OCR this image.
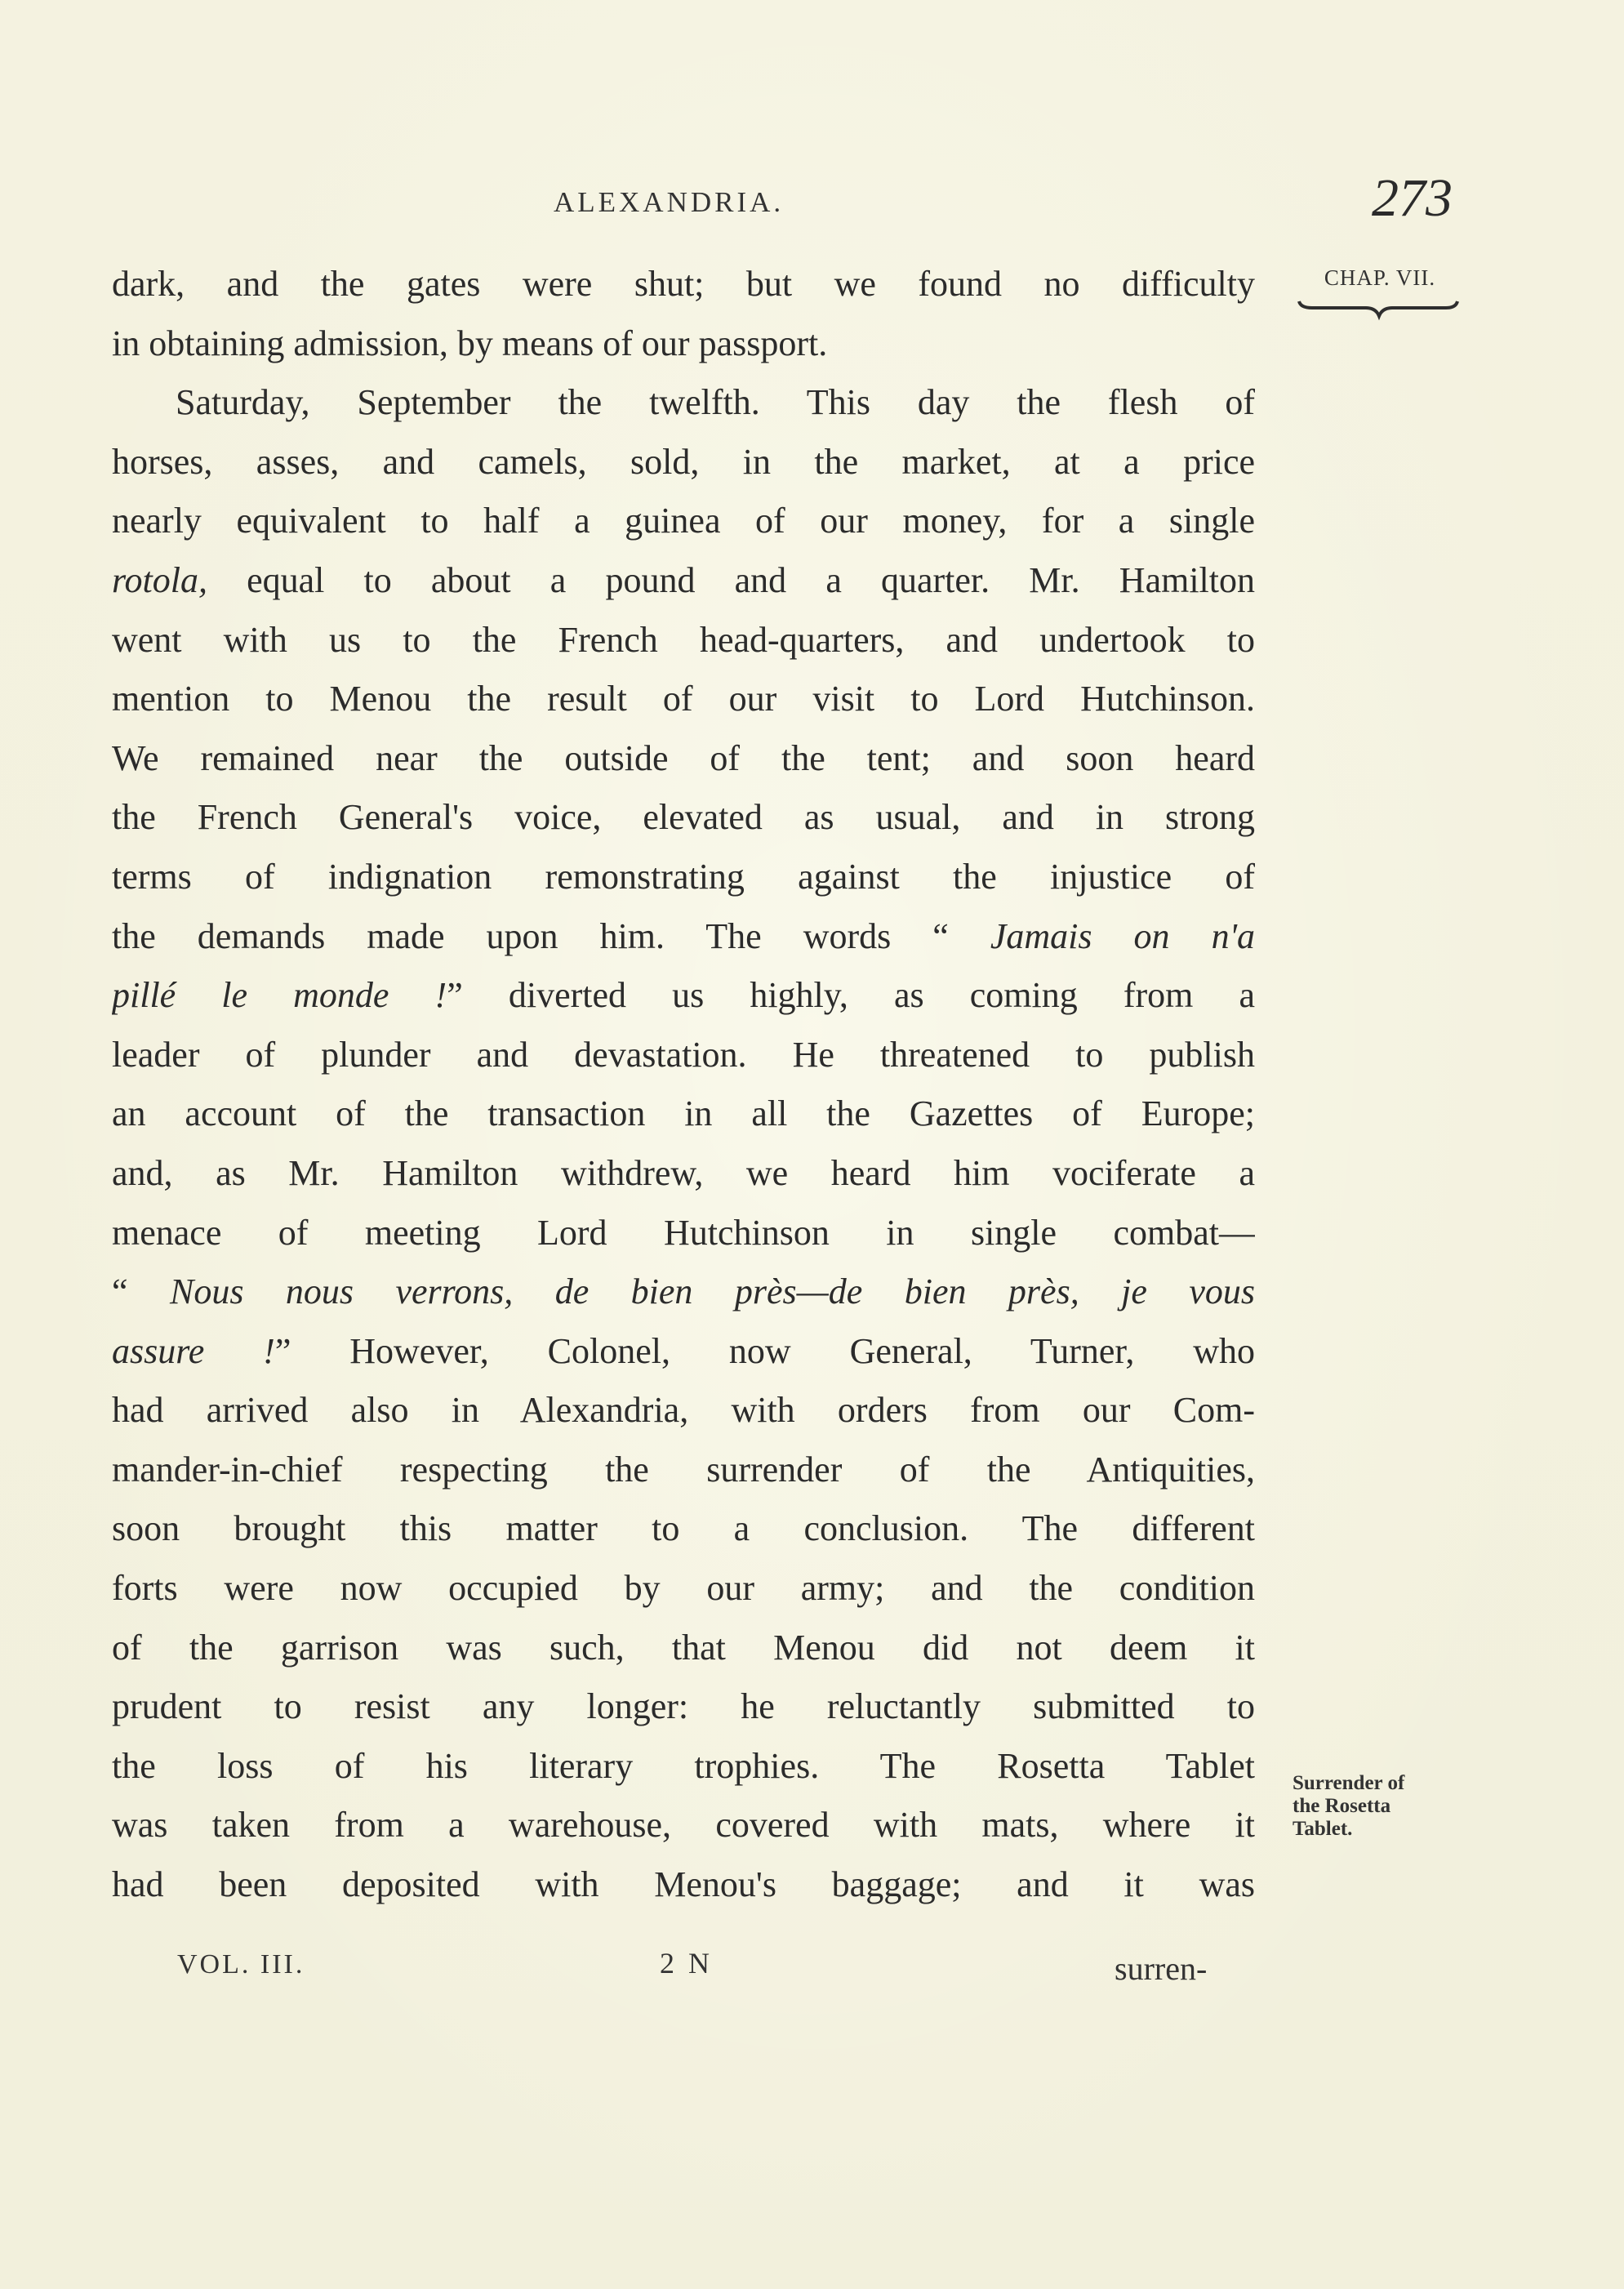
ALEXANDRIA.	273
CHAP. VII.
dark, and the gates were shut; but we found no difficulty
in obtaining admission, by means of our passport.
Saturday, September the twelfth. This day the flesh of
horses, asses, and camels, sold, in the market, at a price
nearly equivalent to half a guinea of our money, for a single
rotola, equal to about a pound and a quarter. Mr. Hamilton
went with us to the French head-quarters, and undertook to
mention to Menou the result of our visit to Lord Hutchinson.
We remained near the outside of the tent; and soon heard
the French General's voice, elevated as usual, and in strong
terms of indignation remonstrating against the injustice of
the demands made upon him. The words “ Jamais on n'a
pillé le monde !” diverted us highly, as coming from a
leader of plunder and devastation. He threatened to publish
an account of the transaction in all the Gazettes of Europe;
and, as Mr. Hamilton withdrew, we heard him vociferate a
menace of meeting Lord Hutchinson in single combat—
“ Nous nous verrons, de bien près—de bien près, je vous
assure !” However, Colonel, now General, Turner, who
had arrived also in Alexandria, with orders from our Com-
mander-in-chief respecting the surrender of the Antiquities,
soon brought this matter to a conclusion. The different
forts were now occupied by our army; and the condition
of the garrison was such, that Menou did not deem it
prudent to resist any longer: he reluctantly submitted to
the loss of his literary trophies. The Rosetta Tablet
was taken from a warehouse, covered with mats, where it
had been deposited with Menou's baggage; and it was
Surrender of
the Rosetta
Tablet.
VOL. III.	2 N	surren-
